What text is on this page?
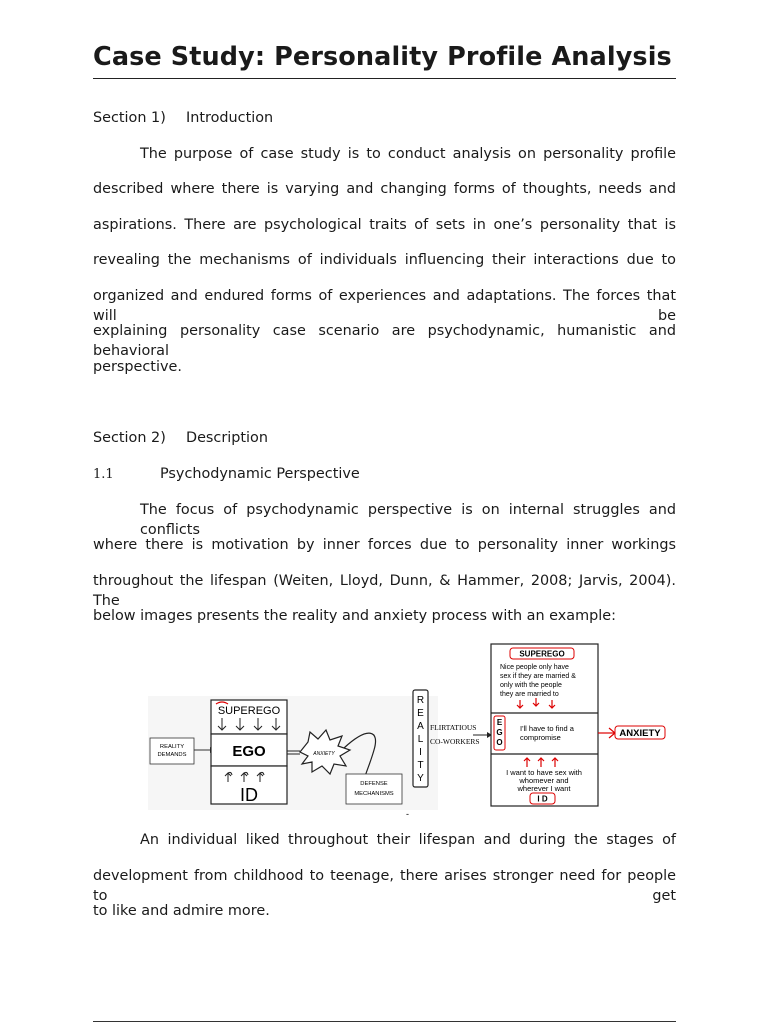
Case Study: Personality Profile Analysis
Section 1) Introduction
The purpose of case study is to conduct analysis on personality profile
described where there is varying and changing forms of thoughts, needs and
aspirations. There are psychological traits of sets in one’s personality that is
revealing the mechanisms of individuals influencing their interactions due to
organized and endured forms of experiences and adaptations. The forces that will be
explaining personality case scenario are psychodynamic, humanistic and behavioral
perspective.
Section 2) Description
1.1	Psychodynamic Perspective
The focus of psychodynamic perspective is on internal struggles and conflicts
where there is motivation by inner forces due to personality inner workings
throughout the lifespan (Weiten, Lloyd, Dunn, & Hammer, 2008; Jarvis, 2004). The
below images presents the reality and anxiety process with an example:
REALITY
DEMANDS
SUPEREGO
EGO
ID
ANXIETY
DEFENSE
MECHANISMS
R
E
A
L
I
T
Y
FLIRTATIOUS
CO-WORKERS
SUPEREGO
Nice people only have
sex if they are married &
only with the people
they are married to
E
G
O
I'll have to find a
compromise	ANXIETY
I want to have sex with
whomever and
wherever I want
I D
-
An individual liked throughout their lifespan and during the stages of
development from childhood to teenage, there arises stronger need for people to get
to like and admire more.
